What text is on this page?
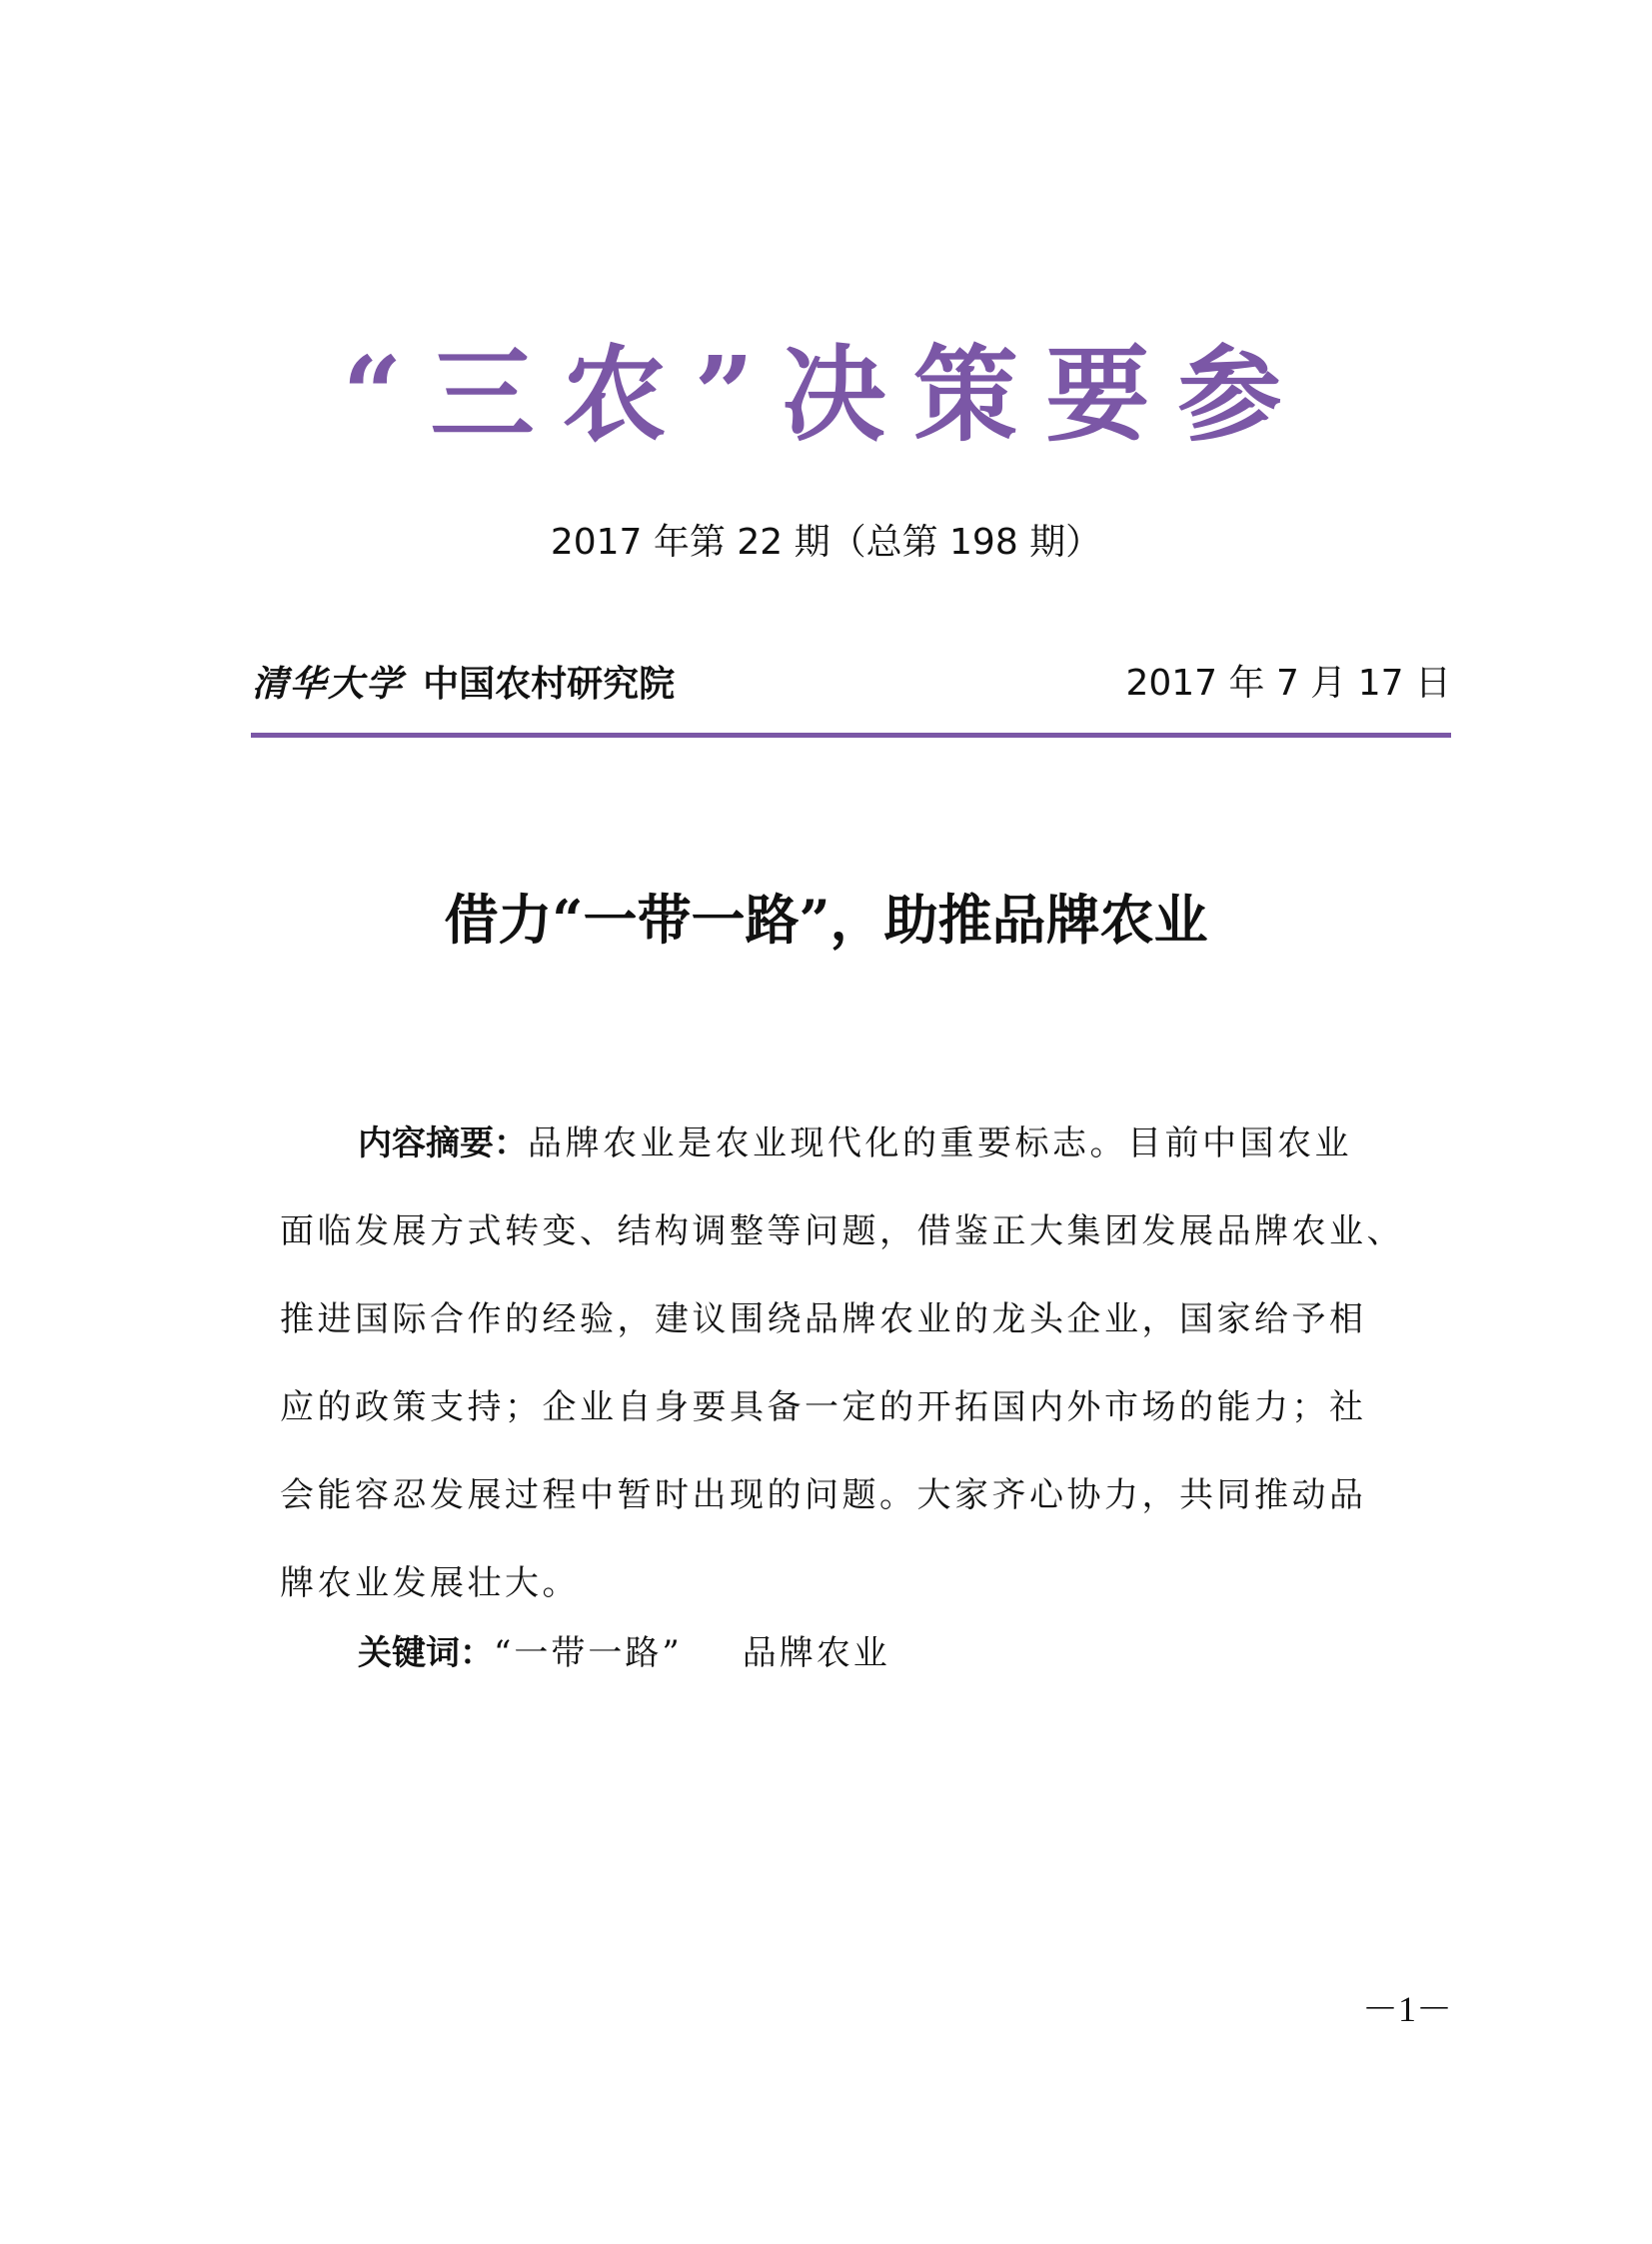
“三农”决策要参
2017 年第 22 期（总第 198 期）
清华大学 中国农村研究院	2017 年 7 月 17 日
借力“一带一路”，助推品牌农业
内容摘要：品牌农业是农业现代化的重要标志。目前中国农业
面临发展方式转变、结构调整等问题，借鉴正大集团发展品牌农业、
推进国际合作的经验，建议围绕品牌农业的龙头企业，国家给予相
应的政策支持；企业自身要具备一定的开拓国内外市场的能力；社
会能容忍发展过程中暂时出现的问题。大家齐心协力，共同推动品
牌农业发展壮大。
关键词：“一带一路” 品牌农业
－1－
